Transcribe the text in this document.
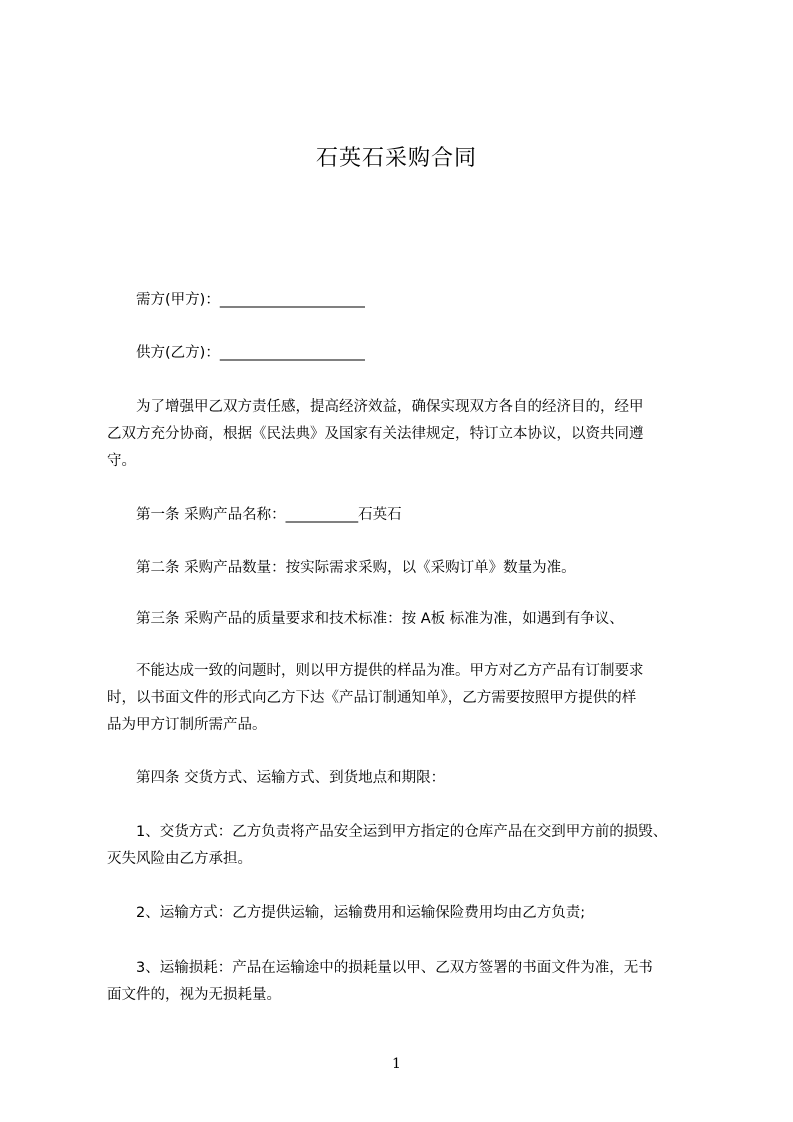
石英石采购合同
需方(甲方)：____________________
供方(乙方)：____________________
为了增强甲乙双方责任感，提高经济效益，确保实现双方各自的经济目的，经甲
乙双方充分协商，根据《民法典》及国家有关法律规定，特订立本协议，以资共同遵
守。
第一条 采购产品名称：__________石英石
第二条 采购产品数量：按实际需求采购，以《采购订单》数量为准。
第三条 采购产品的质量要求和技术标准：按 A板 标准为准，如遇到有争议、
不能达成一致的问题时，则以甲方提供的样品为准。甲方对乙方产品有订制要求
时，以书面文件的形式向乙方下达《产品订制通知单》，乙方需要按照甲方提供的样
品为甲方订制所需产品。
第四条 交货方式、运输方式、到货地点和期限：
1、交货方式：乙方负责将产品安全运到甲方指定的仓库产品在交到甲方前的损毁、
灭失风险由乙方承担。
2、运输方式：乙方提供运输，运输费用和运输保险费用均由乙方负责;
3、运输损耗：产品在运输途中的损耗量以甲、乙双方签署的书面文件为准，无书
面文件的，视为无损耗量。
1
